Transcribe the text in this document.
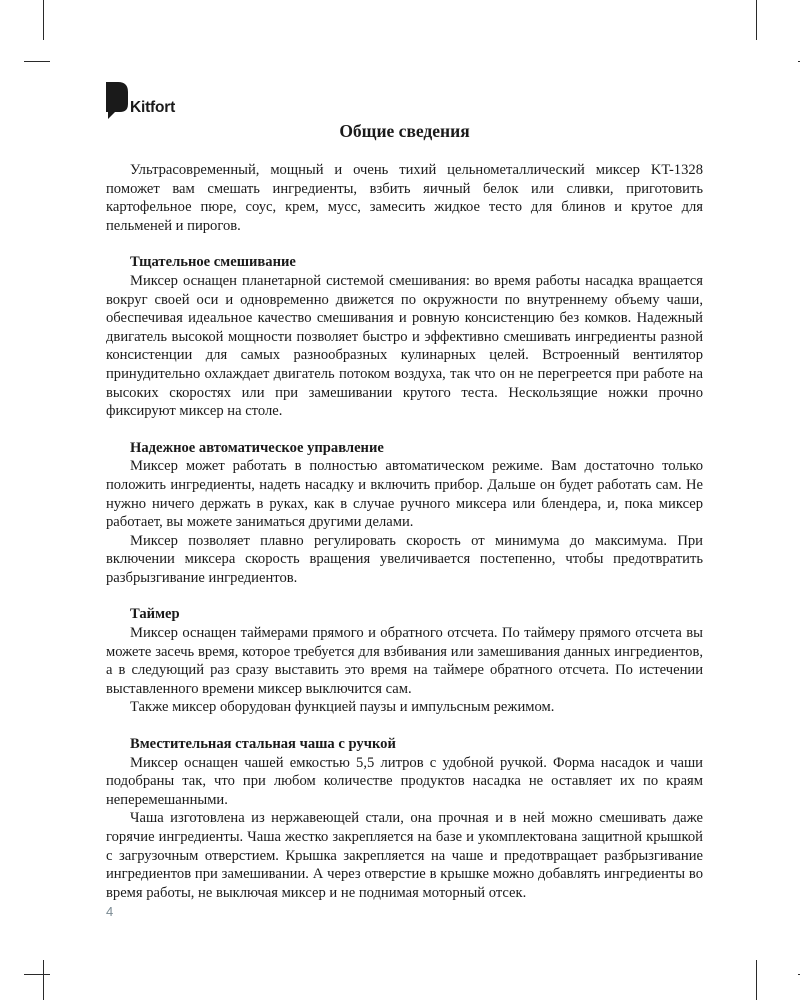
Kitfort
Общие сведения

Ультрасовременный, мощный и очень тихий цельнометаллический миксер KT-1328 поможет вам смешать ингредиенты, взбить яичный белок или сливки, приготовить картофельное пюре, соус, крем, мусс, замесить жидкое тесто для блинов и крутое для пельменей и пирогов.

Тщательное смешивание

Миксер оснащен планетарной системой смешивания: во время работы насадка вращается вокруг своей оси и одновременно движется по окружности по внутреннему объему чаши, обеспечивая идеальное качество смешивания и ровную консистенцию без комков. Надежный двигатель высокой мощности позволяет быстро и эффективно смешивать ингредиенты разной консистенции для самых разнообразных кулинарных целей. Встроенный вентилятор принудительно охлаждает двигатель потоком воздуха, так что он не перегреется при работе на высоких скоростях или при замешивании крутого теста. Нескользящие ножки прочно фиксируют миксер на столе.

Надежное автоматическое управление

Миксер может работать в полностью автоматическом режиме. Вам достаточно только положить ингредиенты, надеть насадку и включить прибор. Дальше он будет работать сам. Не нужно ничего держать в руках, как в случае ручного миксера или блендера, и, пока миксер работает, вы можете заниматься другими делами.

Миксер позволяет плавно регулировать скорость от минимума до максимума. При включении миксера скорость вращения увеличивается постепенно, чтобы предотвратить разбрызгивание ингредиентов.

Таймер

Миксер оснащен таймерами прямого и обратного отсчета. По таймеру прямого отсчета вы можете засечь время, которое требуется для взбивания или замешивания данных ингредиентов, а в следующий раз сразу выставить это время на таймере обратного отсчета. По истечении выставленного времени миксер выключится сам.

Также миксер оборудован функцией паузы и импульсным режимом.

Вместительная стальная чаша с ручкой

Миксер оснащен чашей емкостью 5,5 литров с удобной ручкой. Форма насадок и чаши подобраны так, что при любом количестве продуктов насадка не оставляет их по краям неперемешанными.

Чаша изготовлена из нержавеющей стали, она прочная и в ней можно смешивать даже горячие ингредиенты. Чаша жестко закрепляется на базе и укомплектована защитной крышкой с загрузочным отверстием. Крышка закрепляется на чаше и предотвращает разбрызгивание ингредиентов при замешивании. А через отверстие в крышке можно добавлять ингредиенты во время работы, не выключая миксер и не поднимая моторный отсек.

4
